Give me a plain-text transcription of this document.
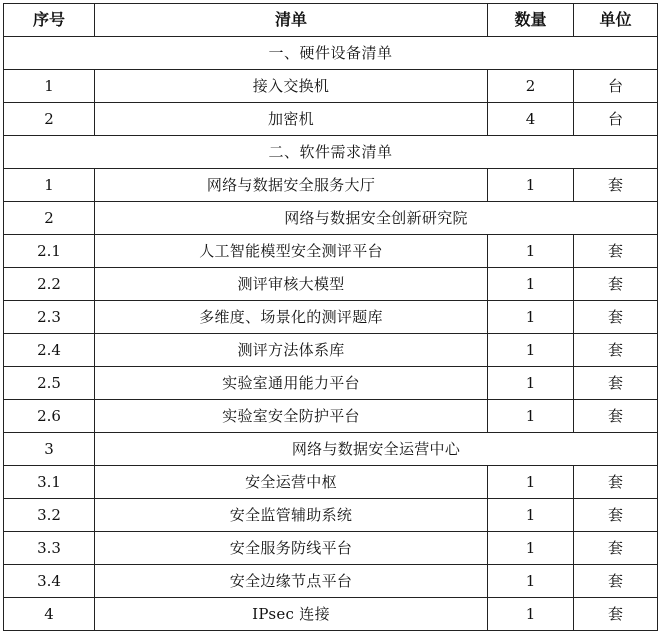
序号	清单	数量	单位
一、硬件设备清单			
1	接入交换机	2	台
2	加密机	4	台
二、软件需求清单			
1	网络与数据安全服务大厅	1	套
2	网络与数据安全创新研究院		
2.1	人工智能模型安全测评平台	1	套
2.2	测评审核大模型	1	套
2.3	多维度、场景化的测评题库	1	套
2.4	测评方法体系库	1	套
2.5	实验室通用能力平台	1	套
2.6	实验室安全防护平台	1	套
3	网络与数据安全运营中心		
3.1	安全运营中枢	1	套
3.2	安全监管辅助系统	1	套
3.3	安全服务防线平台	1	套
3.4	安全边缘节点平台	1	套
4	IPsec 连接	1	套
